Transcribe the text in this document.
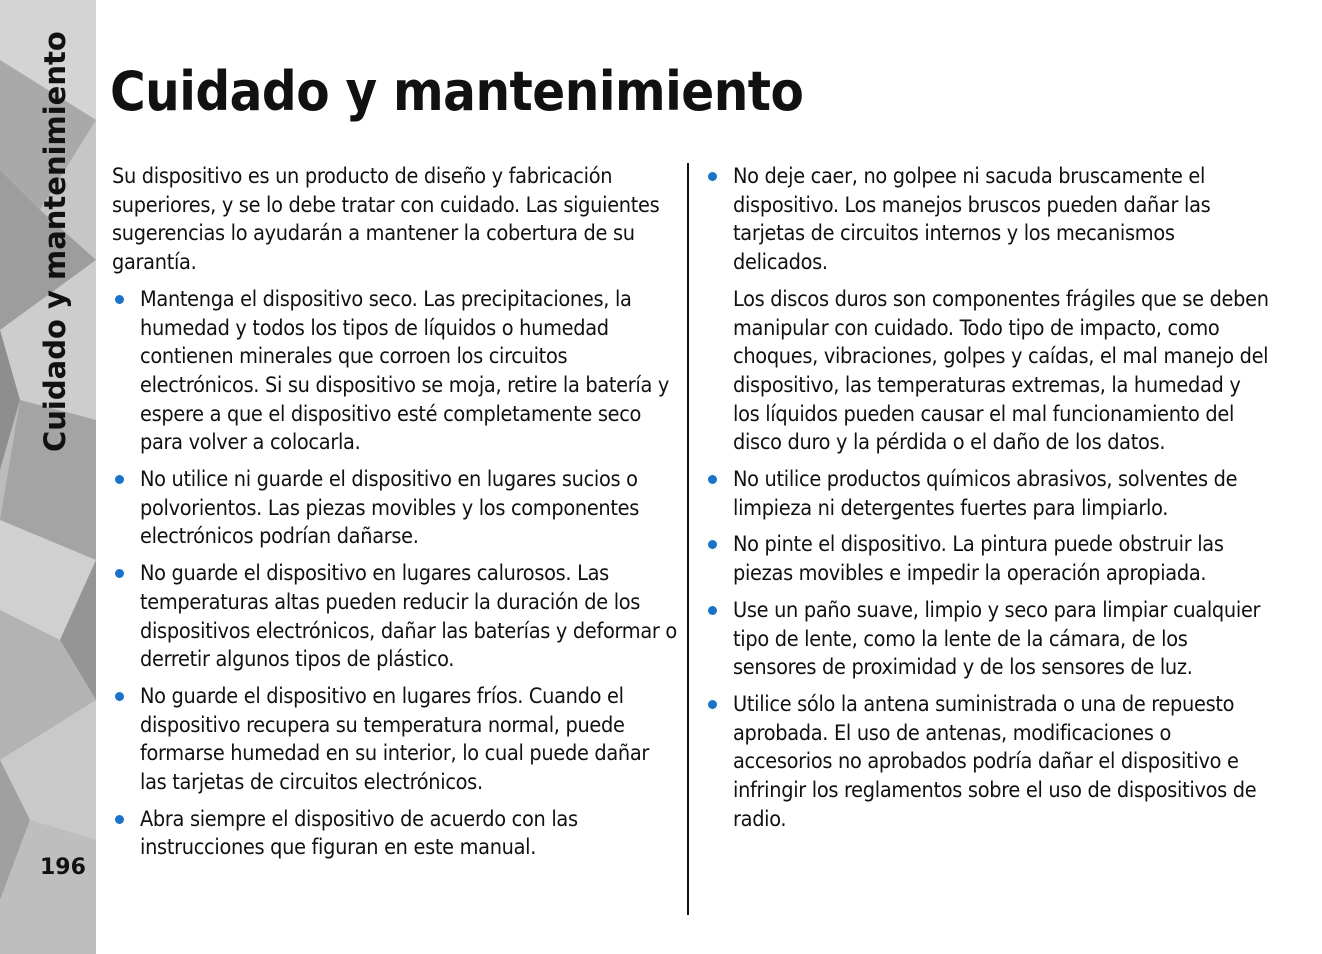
Cuidado y mantenimiento
196
Cuidado y mantenimiento

Su dispositivo es un producto de diseño y fabricación superiores, y se lo debe tratar con cuidado. Las siguientes sugerencias lo ayudarán a mantener la cobertura de su garantía.

Mantenga el dispositivo seco. Las precipitaciones, la humedad y todos los tipos de líquidos o humedad contienen minerales que corroen los circuitos electrónicos. Si su dispositivo se moja, retire la batería y espere a que el dispositivo esté completamente seco para volver a colocarla.
No utilice ni guarde el dispositivo en lugares sucios o polvorientos. Las piezas movibles y los componentes electrónicos podrían dañarse.
No guarde el dispositivo en lugares calurosos. Las temperaturas altas pueden reducir la duración de los dispositivos electrónicos, dañar las baterías y deformar o derretir algunos tipos de plástico.
No guarde el dispositivo en lugares fríos. Cuando el dispositivo recupera su temperatura normal, puede formarse humedad en su interior, lo cual puede dañar las tarjetas de circuitos electrónicos.
Abra siempre el dispositivo de acuerdo con las instrucciones que figuran en este manual.
No deje caer, no golpee ni sacuda bruscamente el dispositivo. Los manejos bruscos pueden dañar las tarjetas de circuitos internos y los mecanismos delicados.

Los discos duros son componentes frágiles que se deben manipular con cuidado. Todo tipo de impacto, como choques, vibraciones, golpes y caídas, el mal manejo del dispositivo, las temperaturas extremas, la humedad y los líquidos pueden causar el mal funcionamiento del disco duro y la pérdida o el daño de los datos.

No utilice productos químicos abrasivos, solventes de limpieza ni detergentes fuertes para limpiarlo.
No pinte el dispositivo. La pintura puede obstruir las piezas movibles e impedir la operación apropiada.
Use un paño suave, limpio y seco para limpiar cualquier tipo de lente, como la lente de la cámara, de los sensores de proximidad y de los sensores de luz.
Utilice sólo la antena suministrada o una de repuesto aprobada. El uso de antenas, modificaciones o accesorios no aprobados podría dañar el dispositivo e infringir los reglamentos sobre el uso de dispositivos de radio.
